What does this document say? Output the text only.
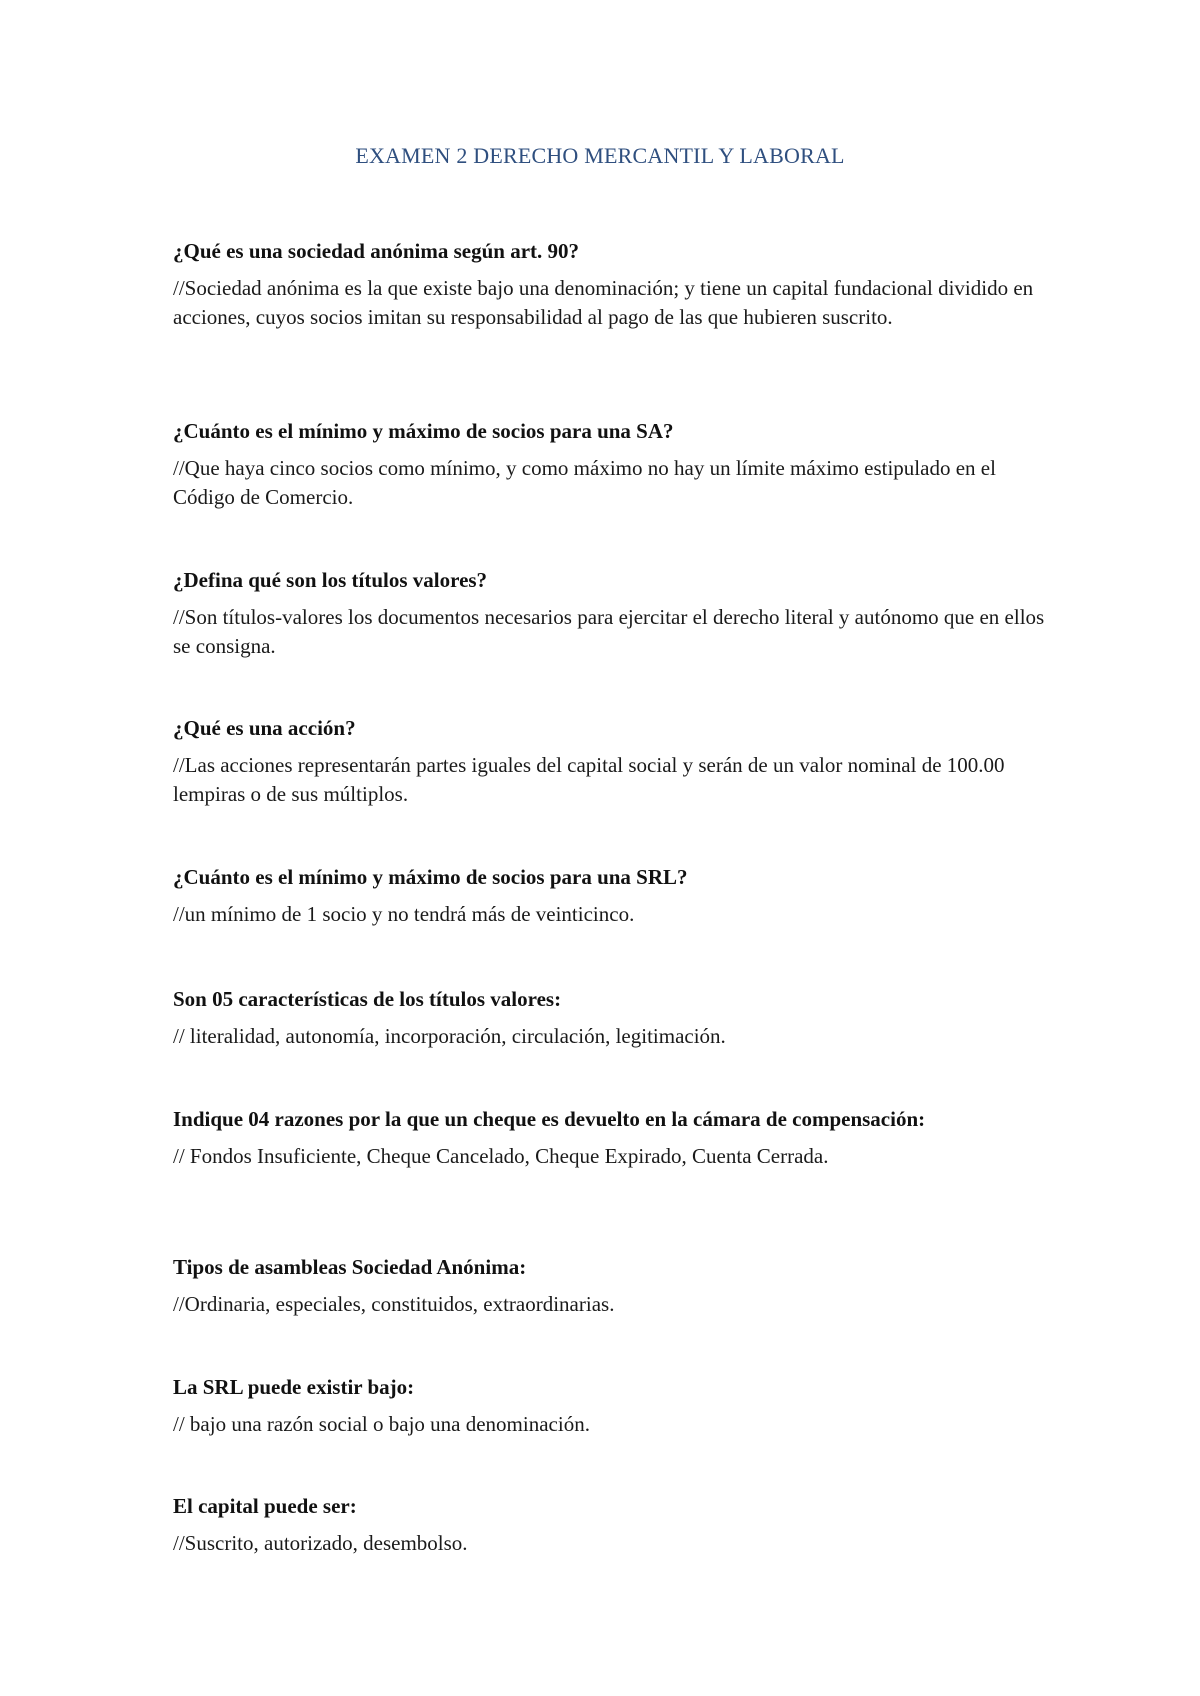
EXAMEN 2 DERECHO MERCANTIL Y LABORAL

¿Qué es una sociedad anónima según art. 90?

//Sociedad anónima es la que existe bajo una denominación; y tiene un capital fundacional dividido en acciones, cuyos socios imitan su responsabilidad al pago de las que hubieren suscrito.

¿Cuánto es el mínimo y máximo de socios para una SA?

//Que haya cinco socios como mínimo, y como máximo no hay un límite máximo estipulado en el Código de Comercio.

¿Defina qué son los títulos valores?

//Son títulos-valores los documentos necesarios para ejercitar el derecho literal y autónomo que en ellos se consigna.

¿Qué es una acción?

//Las acciones representarán partes iguales del capital social y serán de un valor nominal de 100.00 lempiras o de sus múltiplos.

¿Cuánto es el mínimo y máximo de socios para una SRL?

//un mínimo de 1 socio y no tendrá más de veinticinco.

Son 05 características de los títulos valores:

// literalidad, autonomía, incorporación, circulación, legitimación.

Indique 04 razones por la que un cheque es devuelto en la cámara de compensación:

// Fondos Insuficiente, Cheque Cancelado, Cheque Expirado, Cuenta Cerrada.

Tipos de asambleas Sociedad Anónima:

//Ordinaria, especiales, constituidos, extraordinarias.

La SRL puede existir bajo:

// bajo una razón social o bajo una denominación.

El capital puede ser:

//Suscrito, autorizado, desembolso.
